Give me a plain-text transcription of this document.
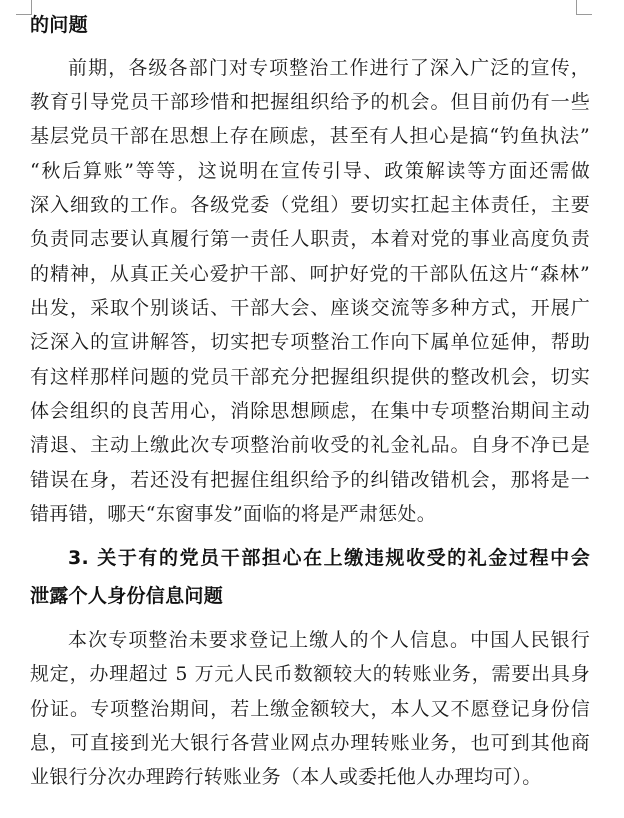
的问题
前期，各级各部门对专项整治工作进行了深入广泛的宣传，
教育引导党员干部珍惜和把握组织给予的机会。但目前仍有一些
基层党员干部在思想上存在顾虑，甚至有人担心是搞“钓鱼执法”
“秋后算账”等等，这说明在宣传引导、政策解读等方面还需做
深入细致的工作。各级党委（党组）要切实扛起主体责任，主要
负责同志要认真履行第一责任人职责，本着对党的事业高度负责
的精神，从真正关心爱护干部、呵护好党的干部队伍这片“森林”
出发，采取个别谈话、干部大会、座谈交流等多种方式，开展广
泛深入的宣讲解答，切实把专项整治工作向下属单位延伸，帮助
有这样那样问题的党员干部充分把握组织提供的整改机会，切实
体会组织的良苦用心，消除思想顾虑，在集中专项整治期间主动
清退、主动上缴此次专项整治前收受的礼金礼品。自身不净已是
错误在身，若还没有把握住组织给予的纠错改错机会，那将是一
错再错，哪天“东窗事发”面临的将是严肃惩处。
3. 关于有的党员干部担心在上缴违规收受的礼金过程中会
泄露个人身份信息问题
本次专项整治未要求登记上缴人的个人信息。中国人民银行
规定，办理超过 5 万元人民币数额较大的转账业务，需要出具身
份证。专项整治期间，若上缴金额较大，本人又不愿登记身份信
息，可直接到光大银行各营业网点办理转账业务，也可到其他商
业银行分次办理跨行转账业务（本人或委托他人办理均可）。
